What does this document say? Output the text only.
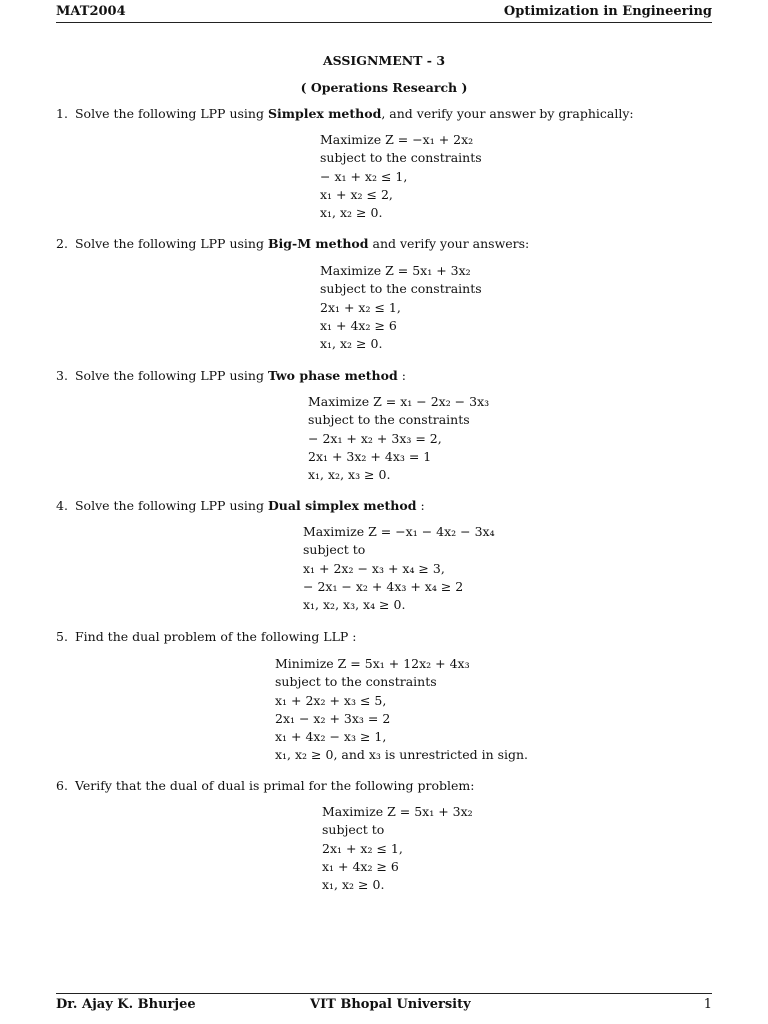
MAT2004	Optimization in Engineering
ASSIGNMENT - 3
( Operations Research )
1. Solve the following LPP using Simplex method, and verify your answer by graphically:
Maximize Z = −x₁ + 2x₂
subject to the constraints
− x₁ + x₂ ≤ 1,
x₁ + x₂ ≤ 2,
x₁, x₂ ≥ 0.
2. Solve the following LPP using Big-M method and verify your answers:
Maximize Z = 5x₁ + 3x₂
subject to the constraints
2x₁ + x₂ ≤ 1,
x₁ + 4x₂ ≥ 6
x₁, x₂ ≥ 0.
3. Solve the following LPP using Two phase method :
Maximize Z = x₁ − 2x₂ − 3x₃
subject to the constraints
− 2x₁ + x₂ + 3x₃ = 2,
2x₁ + 3x₂ + 4x₃ = 1
x₁, x₂, x₃ ≥ 0.
4. Solve the following LPP using Dual simplex method :
Maximize Z = −x₁ − 4x₂ − 3x₄
subject to
x₁ + 2x₂ − x₃ + x₄ ≥ 3,
− 2x₁ − x₂ + 4x₃ + x₄ ≥ 2
x₁, x₂, x₃, x₄ ≥ 0.
5. Find the dual problem of the following LLP :
Minimize Z = 5x₁ + 12x₂ + 4x₃
subject to the constraints
x₁ + 2x₂ + x₃ ≤ 5,
2x₁ − x₂ + 3x₃ = 2
x₁ + 4x₂ − x₃ ≥ 1,
x₁, x₂ ≥ 0, and x₃ is unrestricted in sign.
6. Verify that the dual of dual is primal for the following problem:
Maximize Z = 5x₁ + 3x₂
subject to
2x₁ + x₂ ≤ 1,
x₁ + 4x₂ ≥ 6
x₁, x₂ ≥ 0.
Dr. Ajay K. Bhurjee	VIT Bhopal University	1
